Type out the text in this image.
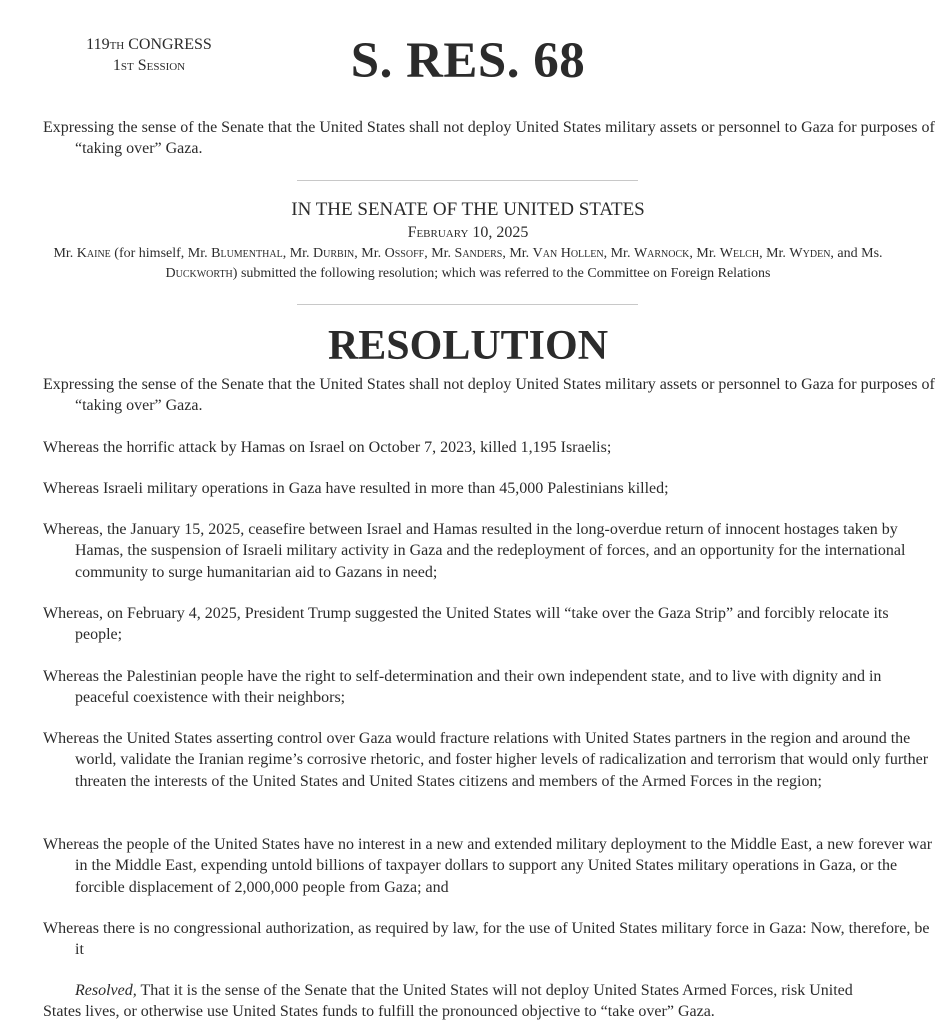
119th CONGRESS
1st Session	S. RES. 68

Expressing the sense of the Senate that the United States shall not deploy United States military assets or personnel to Gaza for purposes of “taking over” Gaza.

IN THE SENATE OF THE UNITED STATES
February 10, 2025
Mr. Kaine (for himself, Mr. Blumenthal, Mr. Durbin, Mr. Ossoff, Mr. Sanders, Mr. Van Hollen, Mr. Warnock, Mr. Welch, Mr. Wyden, and Ms. Duckworth) submitted the following resolution; which was referred to the Committee on Foreign Relations
RESOLUTION

Expressing the sense of the Senate that the United States shall not deploy United States military assets or personnel to Gaza for purposes of “taking over” Gaza.

Whereas the horrific attack by Hamas on Israel on October 7, 2023, killed 1,195 Israelis;

Whereas Israeli military operations in Gaza have resulted in more than 45,000 Palestinians killed;

Whereas, the January 15, 2025, ceasefire between Israel and Hamas resulted in the long-overdue return of innocent hostages taken by Hamas, the suspension of Israeli military activity in Gaza and the redeployment of forces, and an opportunity for the international community to surge humanitarian aid to Gazans in need;

Whereas, on February 4, 2025, President Trump suggested the United States will “take over the Gaza Strip” and forcibly relocate its people;

Whereas the Palestinian people have the right to self-determination and their own independent state, and to live with dignity and in peaceful coexistence with their neighbors;

Whereas the United States asserting control over Gaza would fracture relations with United States partners in the region and around the world, validate the Iranian regime’s corrosive rhetoric, and foster higher levels of radicalization and terrorism that would only further threaten the interests of the United States and United States citizens and members of the Armed Forces in the region;

Whereas the people of the United States have no interest in a new and extended military deployment to the Middle East, a new forever war in the Middle East, expending untold billions of taxpayer dollars to support any United States military operations in Gaza, or the forcible displacement of 2,000,000 people from Gaza; and

Whereas there is no congressional authorization, as required by law, for the use of United States military force in Gaza: Now, therefore, be it

Resolved, That it is the sense of the Senate that the United States will not deploy United States Armed Forces, risk United States lives, or otherwise use United States funds to fulfill the pronounced objective to “take over” Gaza.
